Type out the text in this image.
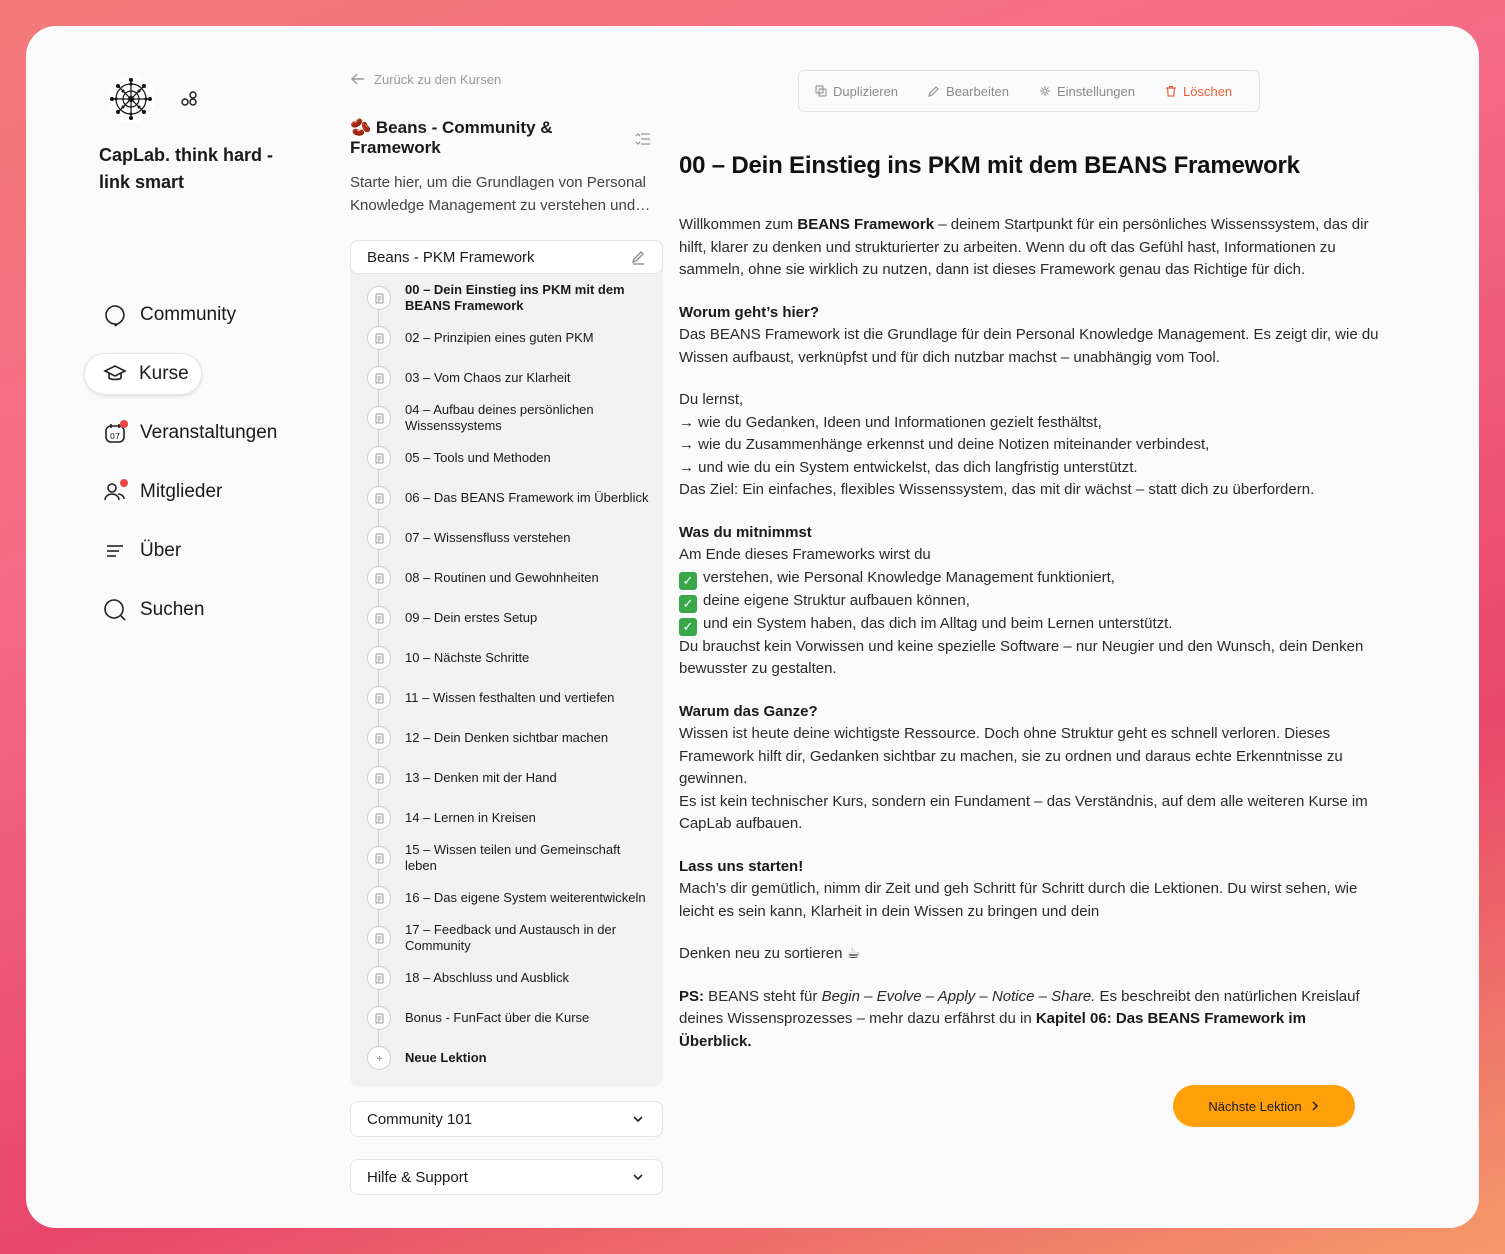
CapLab. think hard - link smart
Community
Kurse
07 Veranstaltungen
Mitglieder
Über
Suchen
Zurück zu den Kursen
🫘 Beans - Community & Framework
Starte hier, um die Grundlagen von Personal Knowledge Management zu verstehen und…
Beans - PKM Framework
00 – Dein Einstieg ins PKM mit dem BEANS Framework
02 – Prinzipien eines guten PKM
03 – Vom Chaos zur Klarheit
04 – Aufbau deines persönlichen Wissenssystems
05 – Tools und Methoden
06 – Das BEANS Framework im Überblick
07 – Wissensfluss verstehen
08 – Routinen und Gewohnheiten
09 – Dein erstes Setup
10 – Nächste Schritte
11 – Wissen festhalten und vertiefen
12 – Dein Denken sichtbar machen
13 – Denken mit der Hand
14 – Lernen in Kreisen
15 – Wissen teilen und Gemeinschaft leben
16 – Das eigene System weiterentwickeln
17 – Feedback und Austausch in der Community
18 – Abschluss und Ausblick
Bonus - FunFact über die Kurse
Neue Lektion
Community 101
Hilfe & Support
Duplizieren	Bearbeiten	Einstellungen	Löschen
00 – Dein Einstieg ins PKM mit dem BEANS Framework

Willkommen zum BEANS Framework – deinem Startpunkt für ein persönliches Wissenssystem, das dir hilft, klarer zu denken und strukturierter zu arbeiten. Wenn du oft das Gefühl hast, Informationen zu sammeln, ohne sie wirklich zu nutzen, dann ist dieses Framework genau das Richtige für dich.

Worum geht’s hier?
Das BEANS Framework ist die Grundlage für dein Personal Knowledge Management. Es zeigt dir, wie du Wissen aufbaust, verknüpfst und für dich nutzbar machst – unabhängig vom Tool.

Du lernst,
→ wie du Gedanken, Ideen und Informationen gezielt festhältst,
→ wie du Zusammenhänge erkennst und deine Notizen miteinander verbindest,
→ und wie du ein System entwickelst, das dich langfristig unterstützt.
Das Ziel: Ein einfaches, flexibles Wissenssystem, das mit dir wächst – statt dich zu überfordern.

Was du mitnimmst
Am Ende dieses Frameworks wirst du
✓ verstehen, wie Personal Knowledge Management funktioniert,
✓ deine eigene Struktur aufbauen können,
✓ und ein System haben, das dich im Alltag und beim Lernen unterstützt.
Du brauchst kein Vorwissen und keine spezielle Software – nur Neugier und den Wunsch, dein Denken bewusster zu gestalten.

Warum das Ganze?
Wissen ist heute deine wichtigste Ressource. Doch ohne Struktur geht es schnell verloren. Dieses Framework hilft dir, Gedanken sichtbar zu machen, sie zu ordnen und daraus echte Erkenntnisse zu gewinnen.
Es ist kein technischer Kurs, sondern ein Fundament – das Verständnis, auf dem alle weiteren Kurse im CapLab aufbauen.

Lass uns starten!
Mach’s dir gemütlich, nimm dir Zeit und geh Schritt für Schritt durch die Lektionen. Du wirst sehen, wie leicht es sein kann, Klarheit in dein Wissen zu bringen und dein

Denken neu zu sortieren ☕

PS: BEANS steht für Begin – Evolve – Apply – Notice – Share. Es beschreibt den natürlichen Kreislauf deines Wissensprozesses – mehr dazu erfährst du in Kapitel 06: Das BEANS Framework im Überblick.

Nächste Lektion
